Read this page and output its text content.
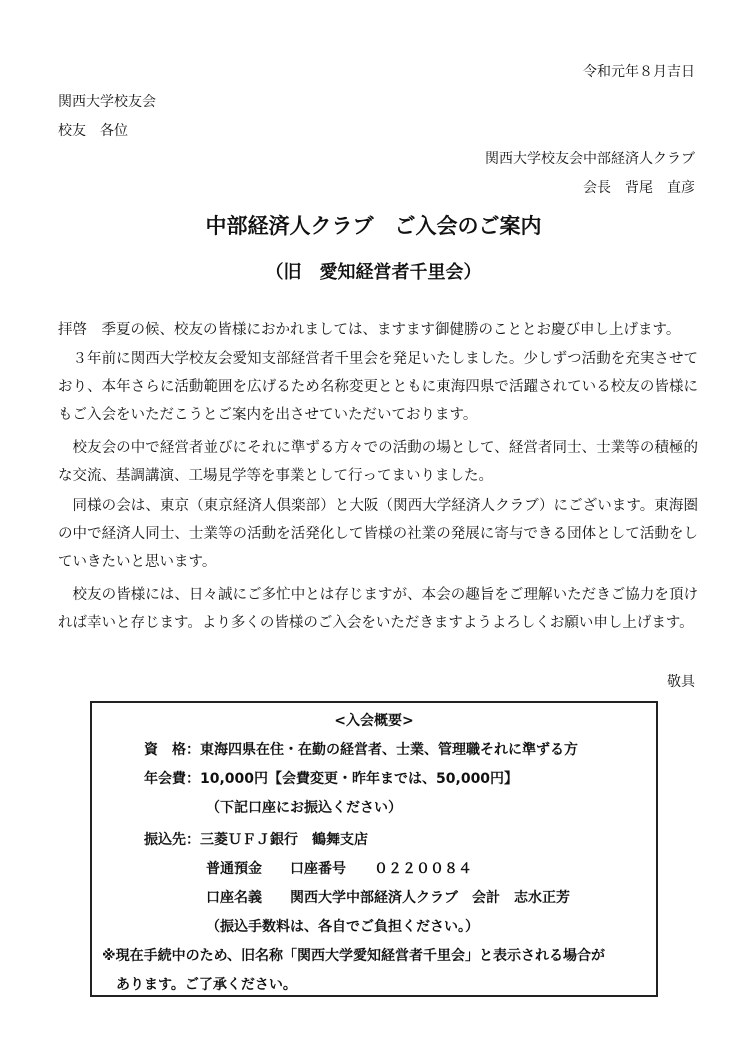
令和元年８月吉日
関西大学校友会
校友　各位
関西大学校友会中部経済人クラブ
会長　背尾　直彦
中部経済人クラブ　ご入会のご案内
（旧　愛知経営者千里会）

拝啓　季夏の候、校友の皆様におかれましては、ますます御健勝のこととお慶び申し上げます。

３年前に関西大学校友会愛知支部経営者千里会を発足いたしました。少しずつ活動を充実させており、本年さらに活動範囲を広げるため名称変更とともに東海四県で活躍されている校友の皆様にもご入会をいただこうとご案内を出させていただいております。

校友会の中で経営者並びにそれに準ずる方々での活動の場として、経営者同士、士業等の積極的な交流、基調講演、工場見学等を事業として行ってまいりました。

同様の会は、東京（東京経済人倶楽部）と大阪（関西大学経済人クラブ）にございます。東海圏の中で経済人同士、士業等の活動を活発化して皆様の社業の発展に寄与できる団体として活動をしていきたいと思います。

校友の皆様には、日々誠にご多忙中とは存じますが、本会の趣旨をご理解いただきご協力を頂ければ幸いと存じます。より多くの皆様のご入会をいただきますようよろしくお願い申し上げます。

敬具
<入会概要>
資　格：東海四県在住・在勤の経営者、士業、管理職それに準ずる方
年会費：10,000円【会費変更・昨年までは、50,000円】
（下記口座にお振込ください）
振込先：三菱ＵＦＪ銀行　鶴舞支店
普通預金　　口座番号　　０２２００８４
口座名義　　関西大学中部経済人クラブ　会計　志水正芳
（振込手数料は、各自でご負担ください。）
※現在手続中のため、旧名称「関西大学愛知経営者千里会」と表示される場合が
あります。ご了承ください。
